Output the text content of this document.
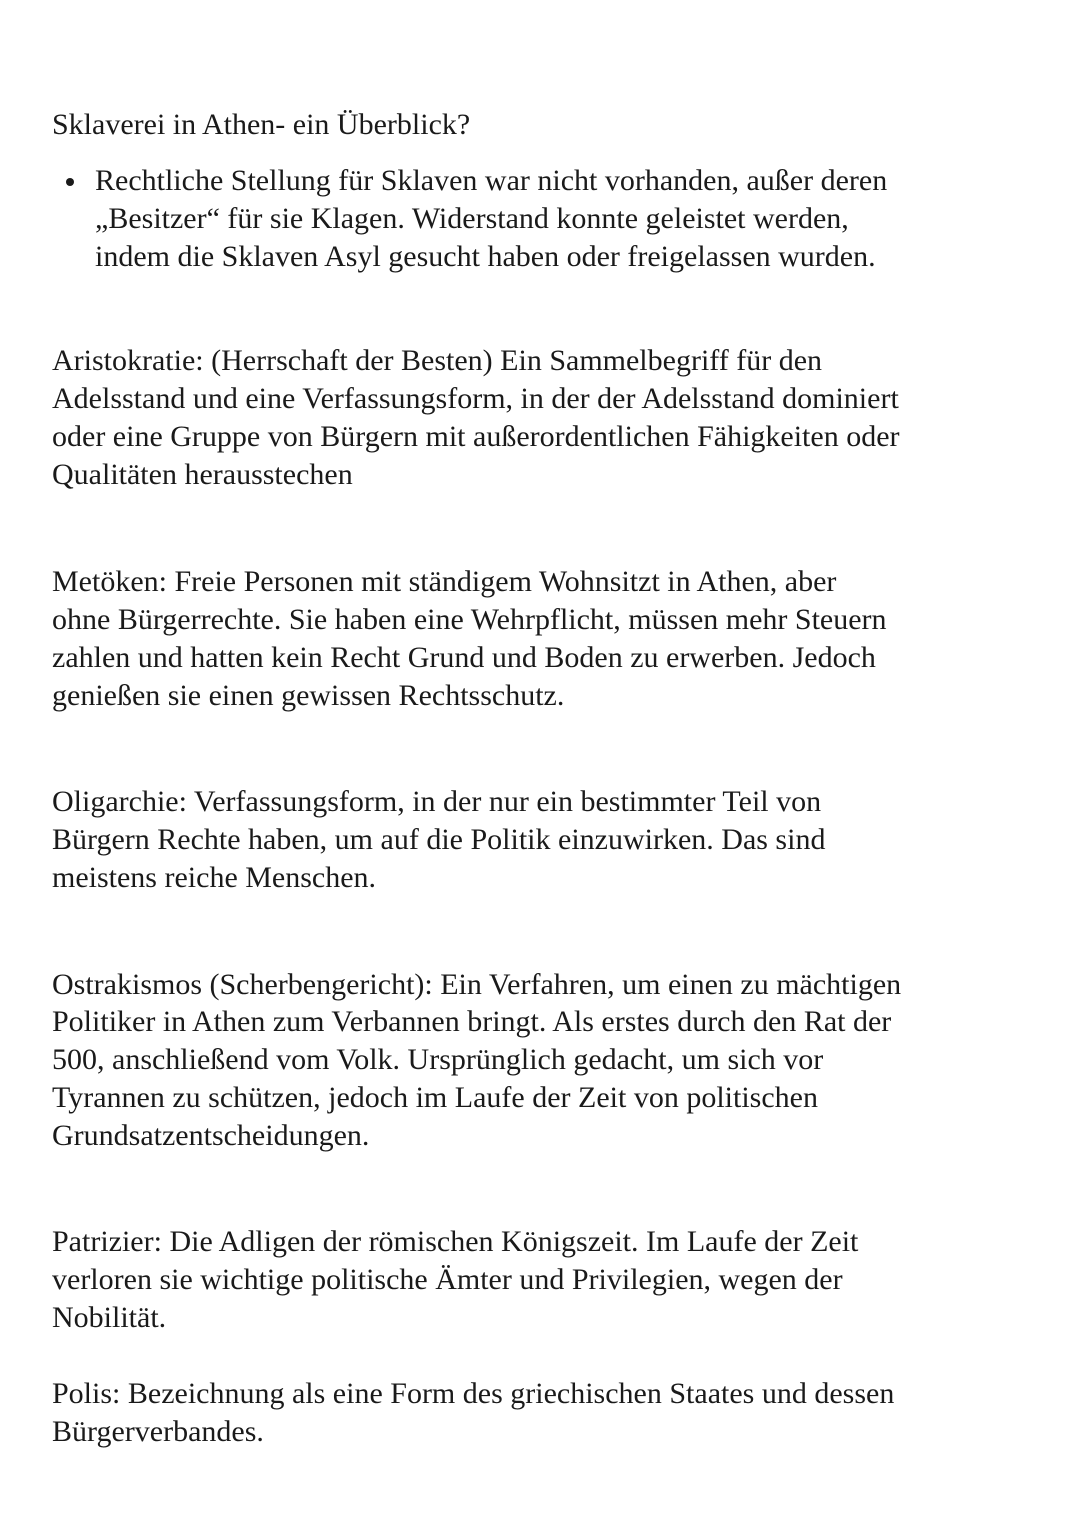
Sklaverei in Athen- ein Überblick?
Rechtliche Stellung für Sklaven war nicht vorhanden, außer deren
„Besitzer“ für sie Klagen. Widerstand konnte geleistet werden,
indem die Sklaven Asyl gesucht haben oder freigelassen wurden.
Aristokratie: (Herrschaft der Besten) Ein Sammelbegriff für den
Adelsstand und eine Verfassungsform, in der der Adelsstand dominiert
oder eine Gruppe von Bürgern mit außerordentlichen Fähigkeiten oder
Qualitäten herausstechen
Metöken: Freie Personen mit ständigem Wohnsitzt in Athen, aber
ohne Bürgerrechte. Sie haben eine Wehrpflicht, müssen mehr Steuern
zahlen und hatten kein Recht Grund und Boden zu erwerben. Jedoch
genießen sie einen gewissen Rechtsschutz.
Oligarchie: Verfassungsform, in der nur ein bestimmter Teil von
Bürgern Rechte haben, um auf die Politik einzuwirken. Das sind
meistens reiche Menschen.
Ostrakismos (Scherbengericht): Ein Verfahren, um einen zu mächtigen
Politiker in Athen zum Verbannen bringt. Als erstes durch den Rat der
500, anschließend vom Volk. Ursprünglich gedacht, um sich vor
Tyrannen zu schützen, jedoch im Laufe der Zeit von politischen
Grundsatzentscheidungen.
Patrizier: Die Adligen der römischen Königszeit. Im Laufe der Zeit
verloren sie wichtige politische Ämter und Privilegien, wegen der
Nobilität.
Polis: Bezeichnung als eine Form des griechischen Staates und dessen
Bürgerverbandes.
